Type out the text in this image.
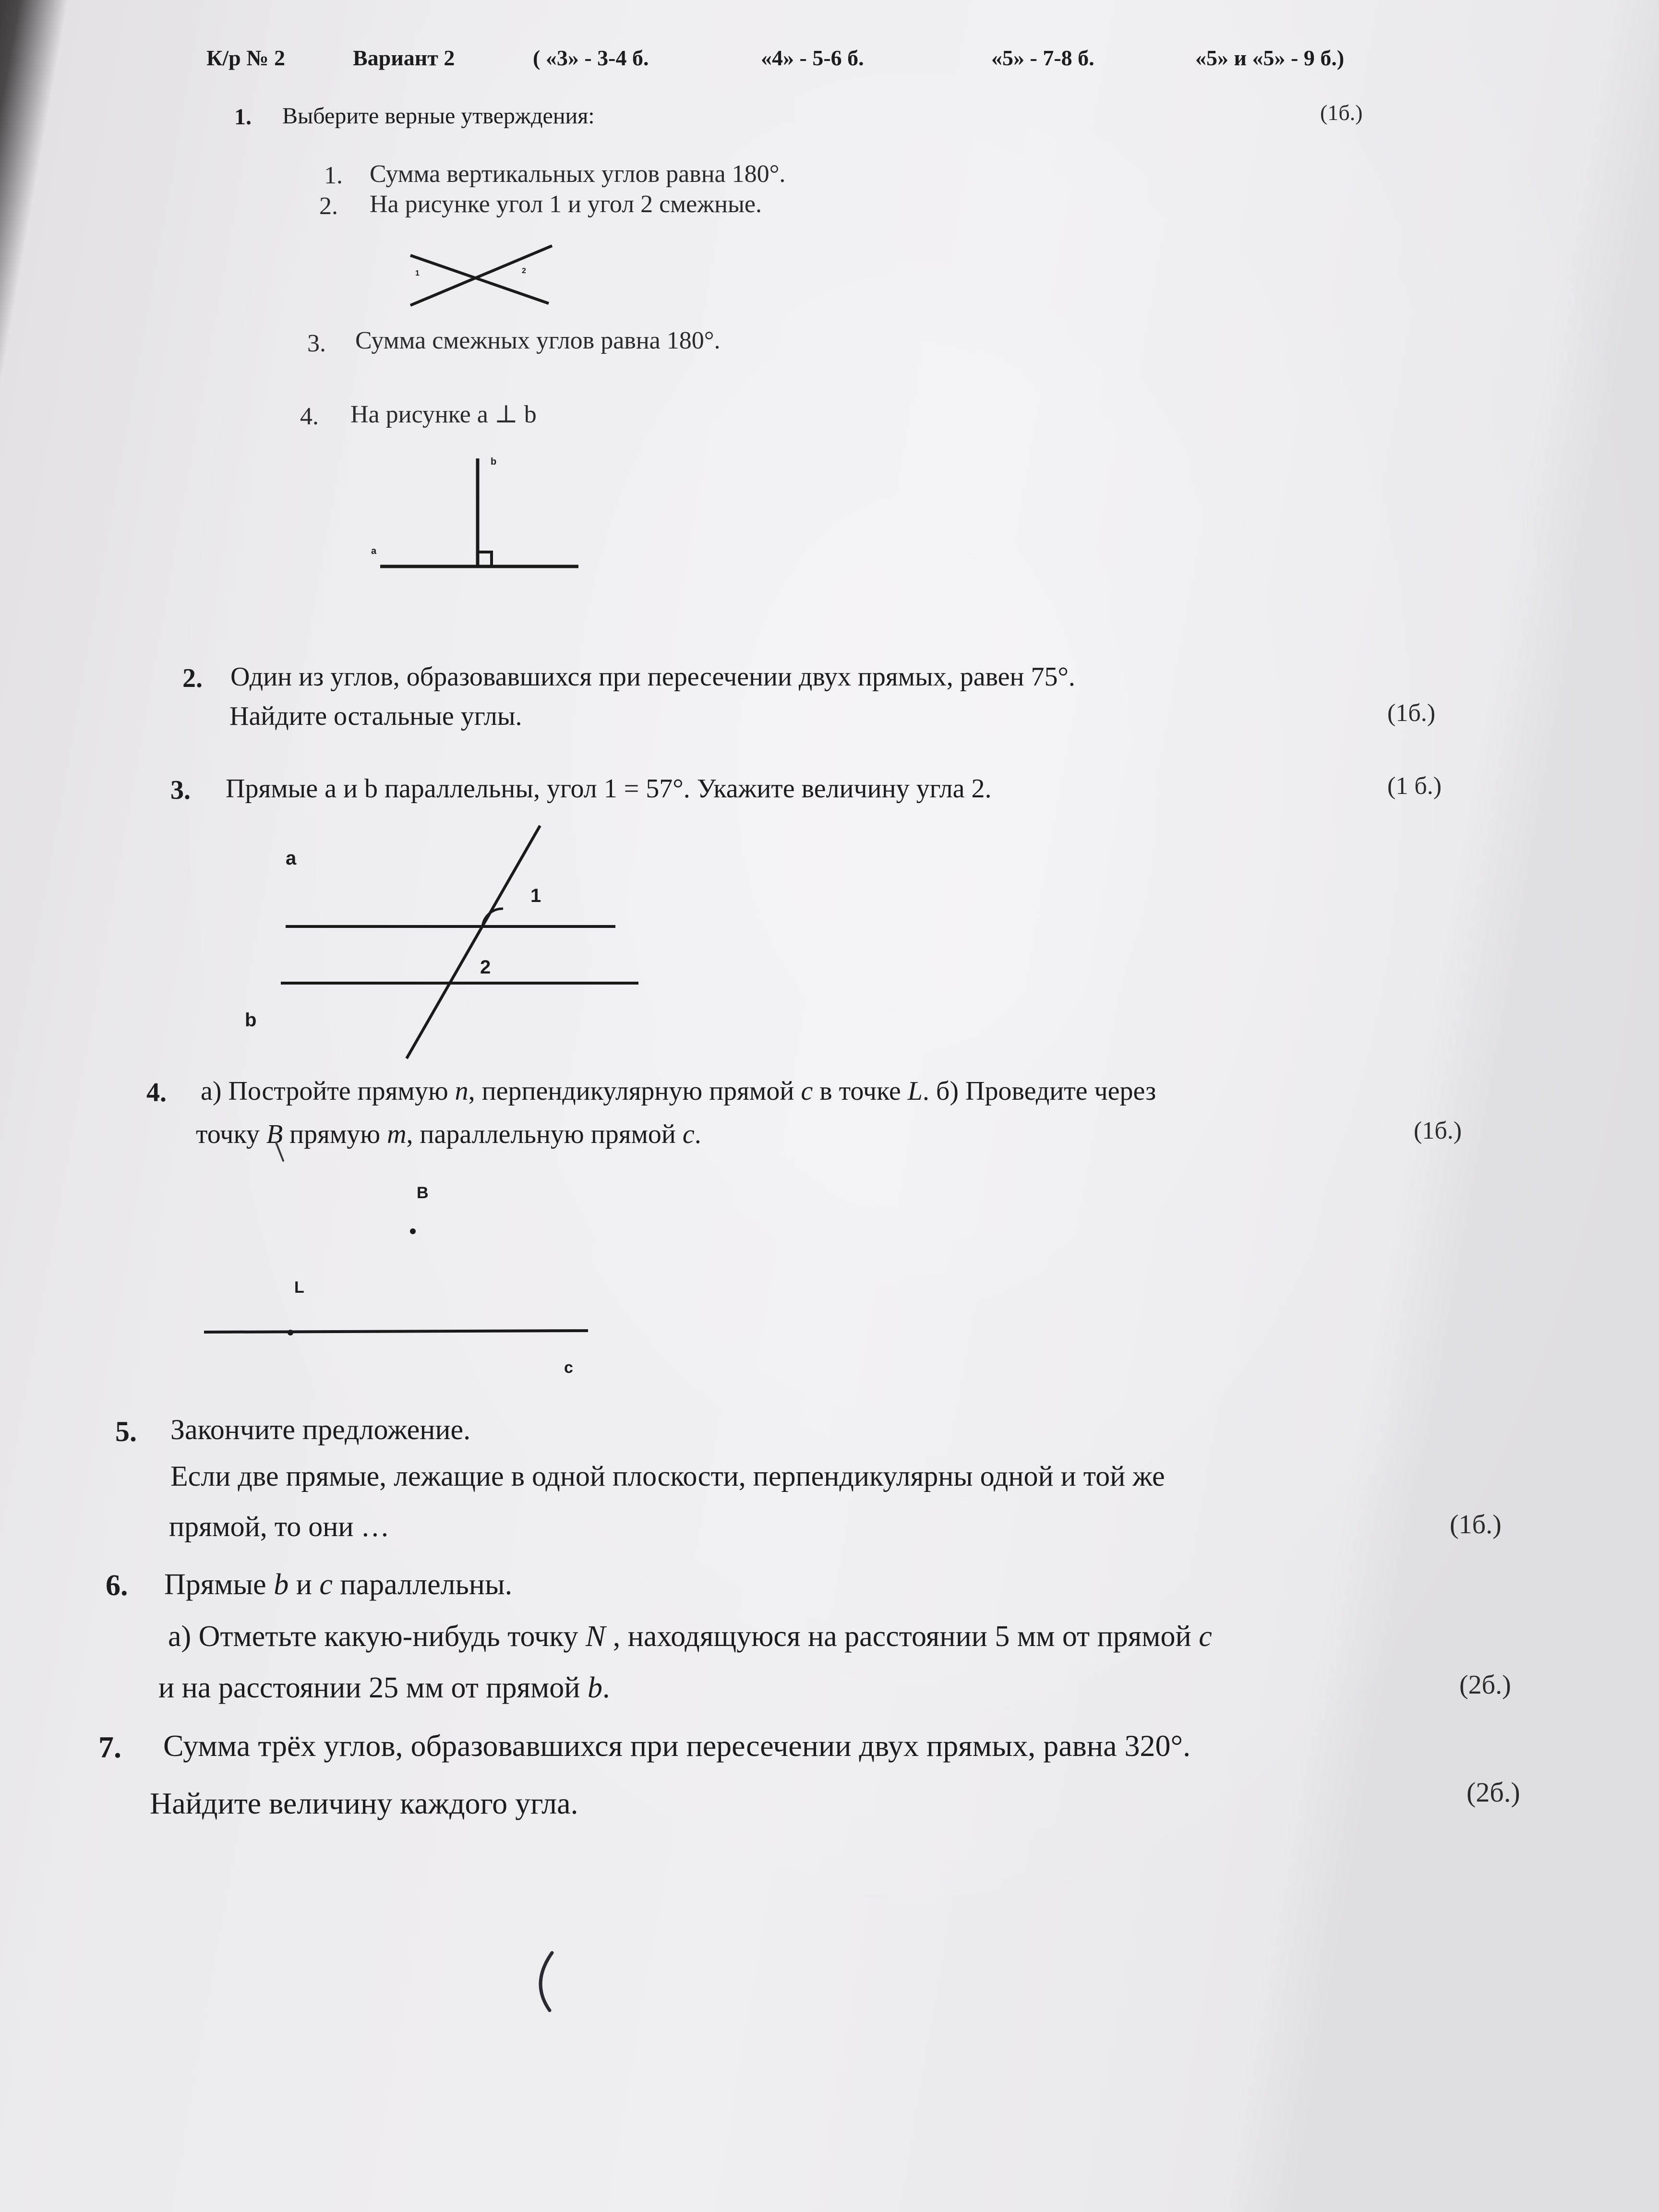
К/р № 2	Вариант 2	( «3» - 3-4 б.	«4» - 5-6 б.	«5» - 7-8 б.	«5» и «5» - 9 б.)
1. Выберите верные утверждения:	(1б.)
1. Сумма вертикальных углов равна 180°.
2. На рисунке угол 1 и угол 2 смежные.
1	2
3. Сумма смежных углов равна 180°.
4. На рисунке a ⊥ b
b
a
2. Один из углов, образовавшихся при пересечении двух прямых, равен 75°.
Найдите остальные углы.	(1б.)
3. Прямые a и b параллельны, угол 1 = 57°. Укажите величину угла 2.	(1 б.)
a
1
2
b
4. а) Постройте прямую n, перпендикулярную прямой c в точке L. б) Проведите через
точку B прямую m, параллельную прямой c.	(1б.)
B
L
c
5. Закончите предложение.
Если две прямые, лежащие в одной плоскости, перпендикулярны одной и той же
прямой, то они …	(1б.)
6. Прямые b и c параллельны.
а) Отметьте какую-нибудь точку N , находящуюся на расстоянии 5 мм от прямой c
и на расстоянии 25 мм от прямой b.	(2б.)
7. Сумма трёх углов, образовавшихся при пересечении двух прямых, равна 320°.
Найдите величину каждого угла.	(2б.)
